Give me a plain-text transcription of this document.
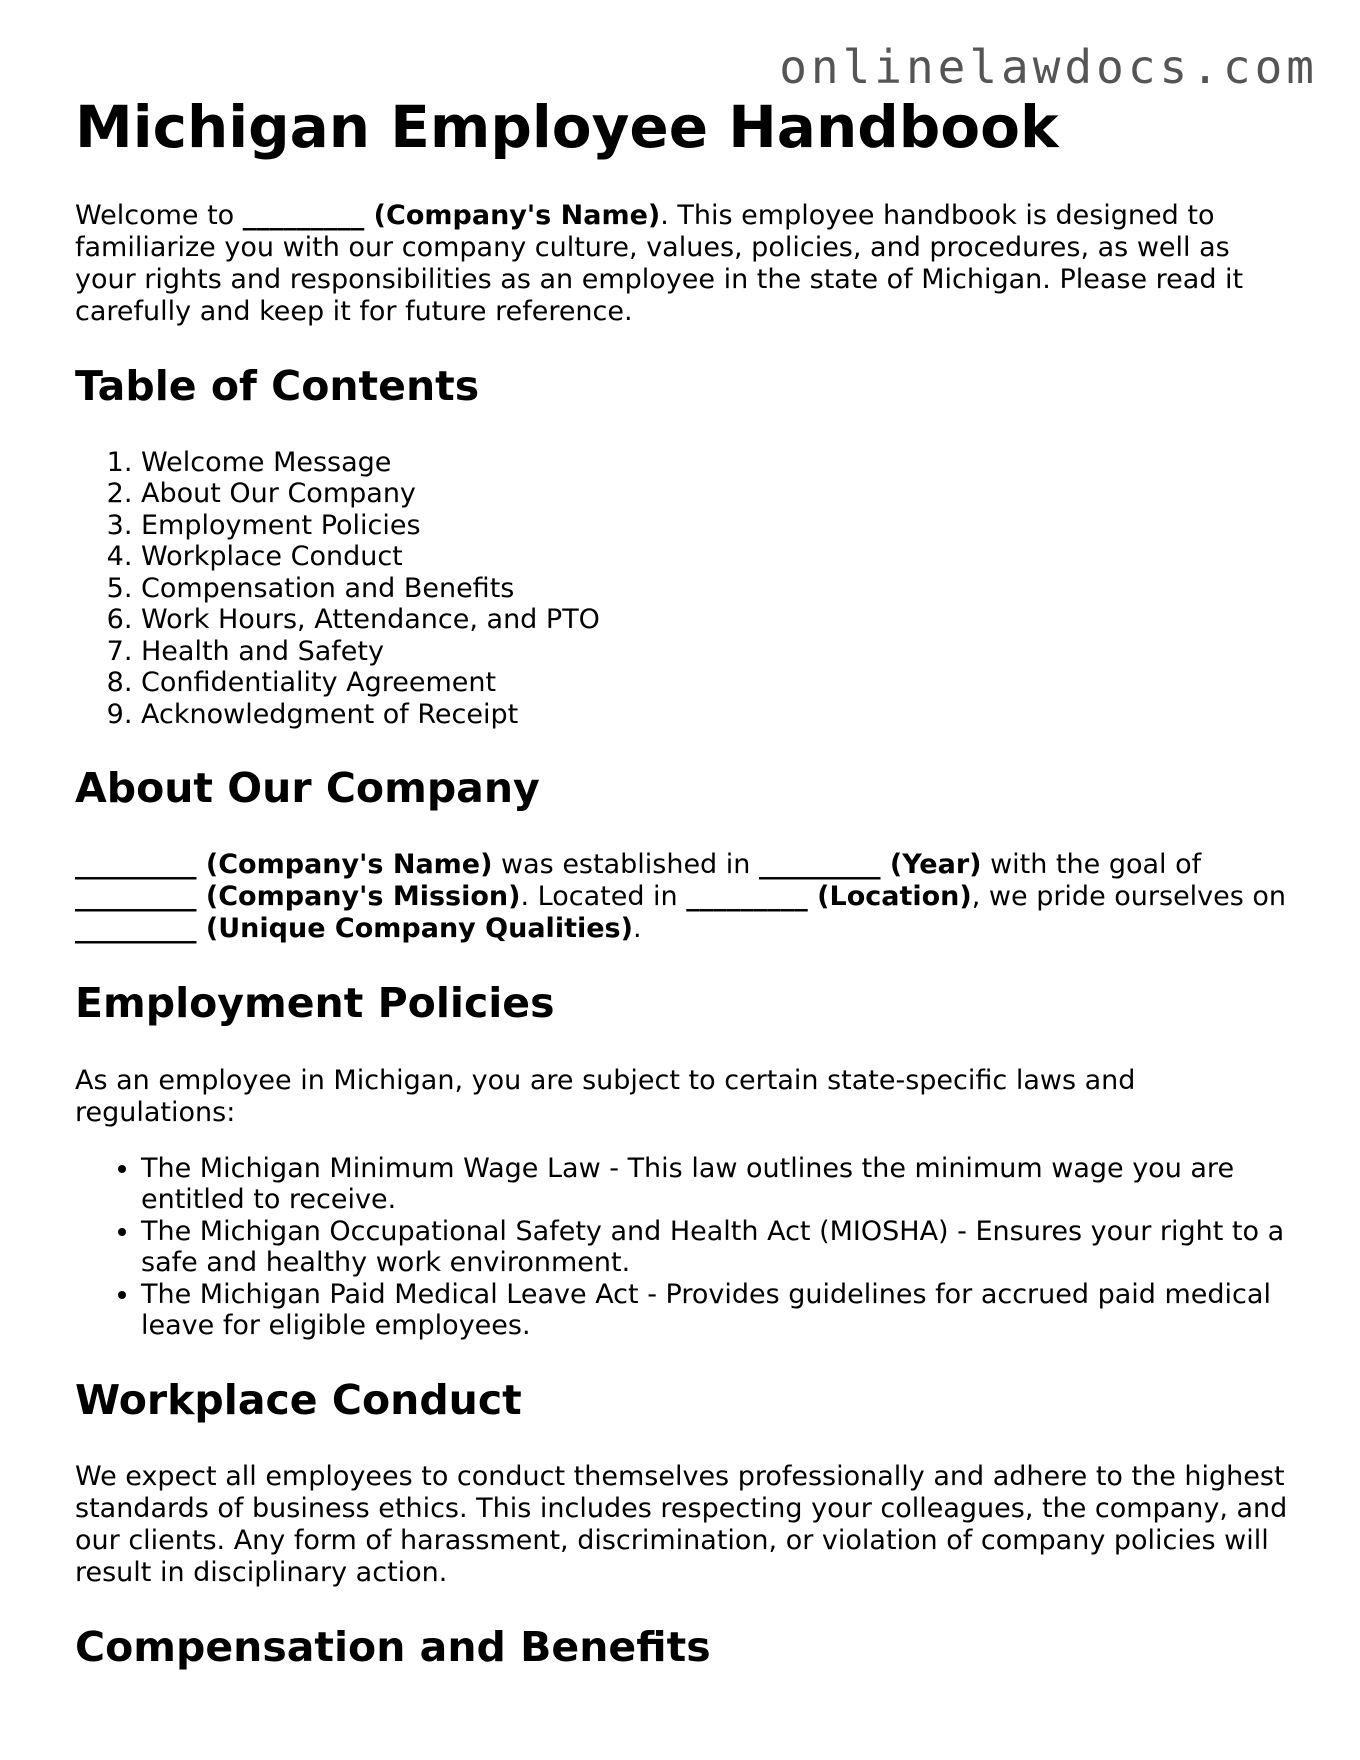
onlinelawdocs.com
Michigan Employee Handbook

Welcome to _________ (Company's Name). This employee handbook is designed to familiarize you with our company culture, values, policies, and procedures, as well as your rights and responsibilities as an employee in the state of Michigan. Please read it carefully and keep it for future reference.

Table of Contents
1. Welcome Message
2. About Our Company
3. Employment Policies
4. Workplace Conduct
5. Compensation and Benefits
6. Work Hours, Attendance, and PTO
7. Health and Safety
8. Confidentiality Agreement
9. Acknowledgment of Receipt
About Our Company

_________ (Company's Name) was established in _________ (Year) with the goal of _________ (Company's Mission). Located in _________ (Location), we pride ourselves on _________ (Unique Company Qualities).

Employment Policies

As an employee in Michigan, you are subject to certain state-specific laws and regulations:

• The Michigan Minimum Wage Law - This law outlines the minimum wage you are entitled to receive.
• The Michigan Occupational Safety and Health Act (MIOSHA) - Ensures your right to a safe and healthy work environment.
• The Michigan Paid Medical Leave Act - Provides guidelines for accrued paid medical leave for eligible employees.
Workplace Conduct

We expect all employees to conduct themselves professionally and adhere to the highest standards of business ethics. This includes respecting your colleagues, the company, and our clients. Any form of harassment, discrimination, or violation of company policies will result in disciplinary action.

Compensation and Benefits
